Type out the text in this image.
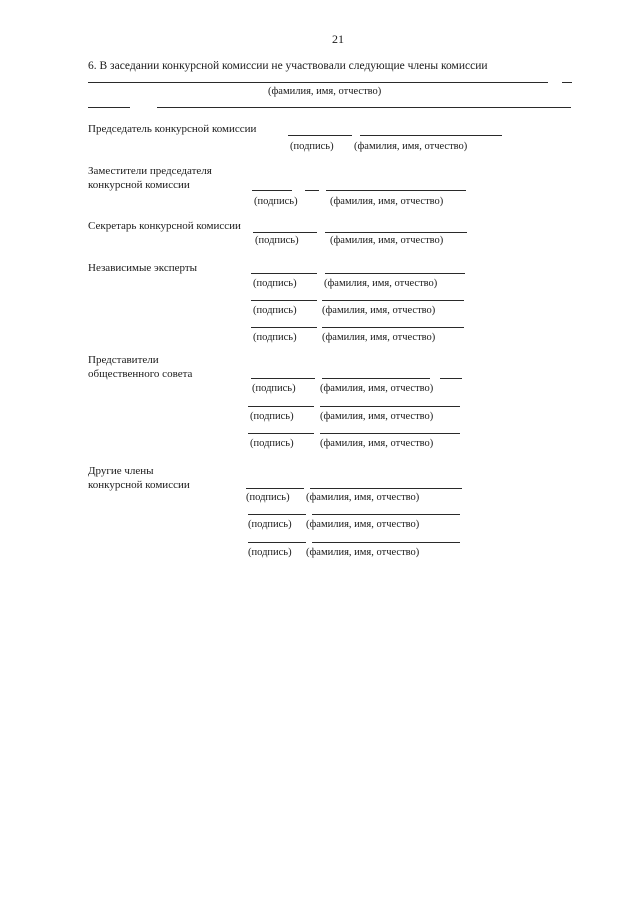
21
6. В заседании конкурсной комиссии не участвовали следующие члены комиссии
(фамилия, имя, отчество)
Председатель конкурсной комиссии
(подпись) (фамилия, имя, отчество)
Заместители председателя
конкурсной комиссии
(подпись)	(фамилия, имя, отчество)
Секретарь конкурсной комиссии
(подпись)	(фамилия, имя, отчество)
Независимые эксперты
(подпись)	(фамилия, имя, отчество)
(подпись) (фамилия, имя, отчество)
(подпись) (фамилия, имя, отчество)
Представители
общественного совета
(подпись) (фамилия, имя, отчество)
(подпись)	(фамилия, имя, отчество)
(подпись)	(фамилия, имя, отчество)
Другие члены
конкурсной комиссии
(подпись) (фамилия, имя, отчество)
(подпись) (фамилия, имя, отчество)
(подпись) (фамилия, имя, отчество)
